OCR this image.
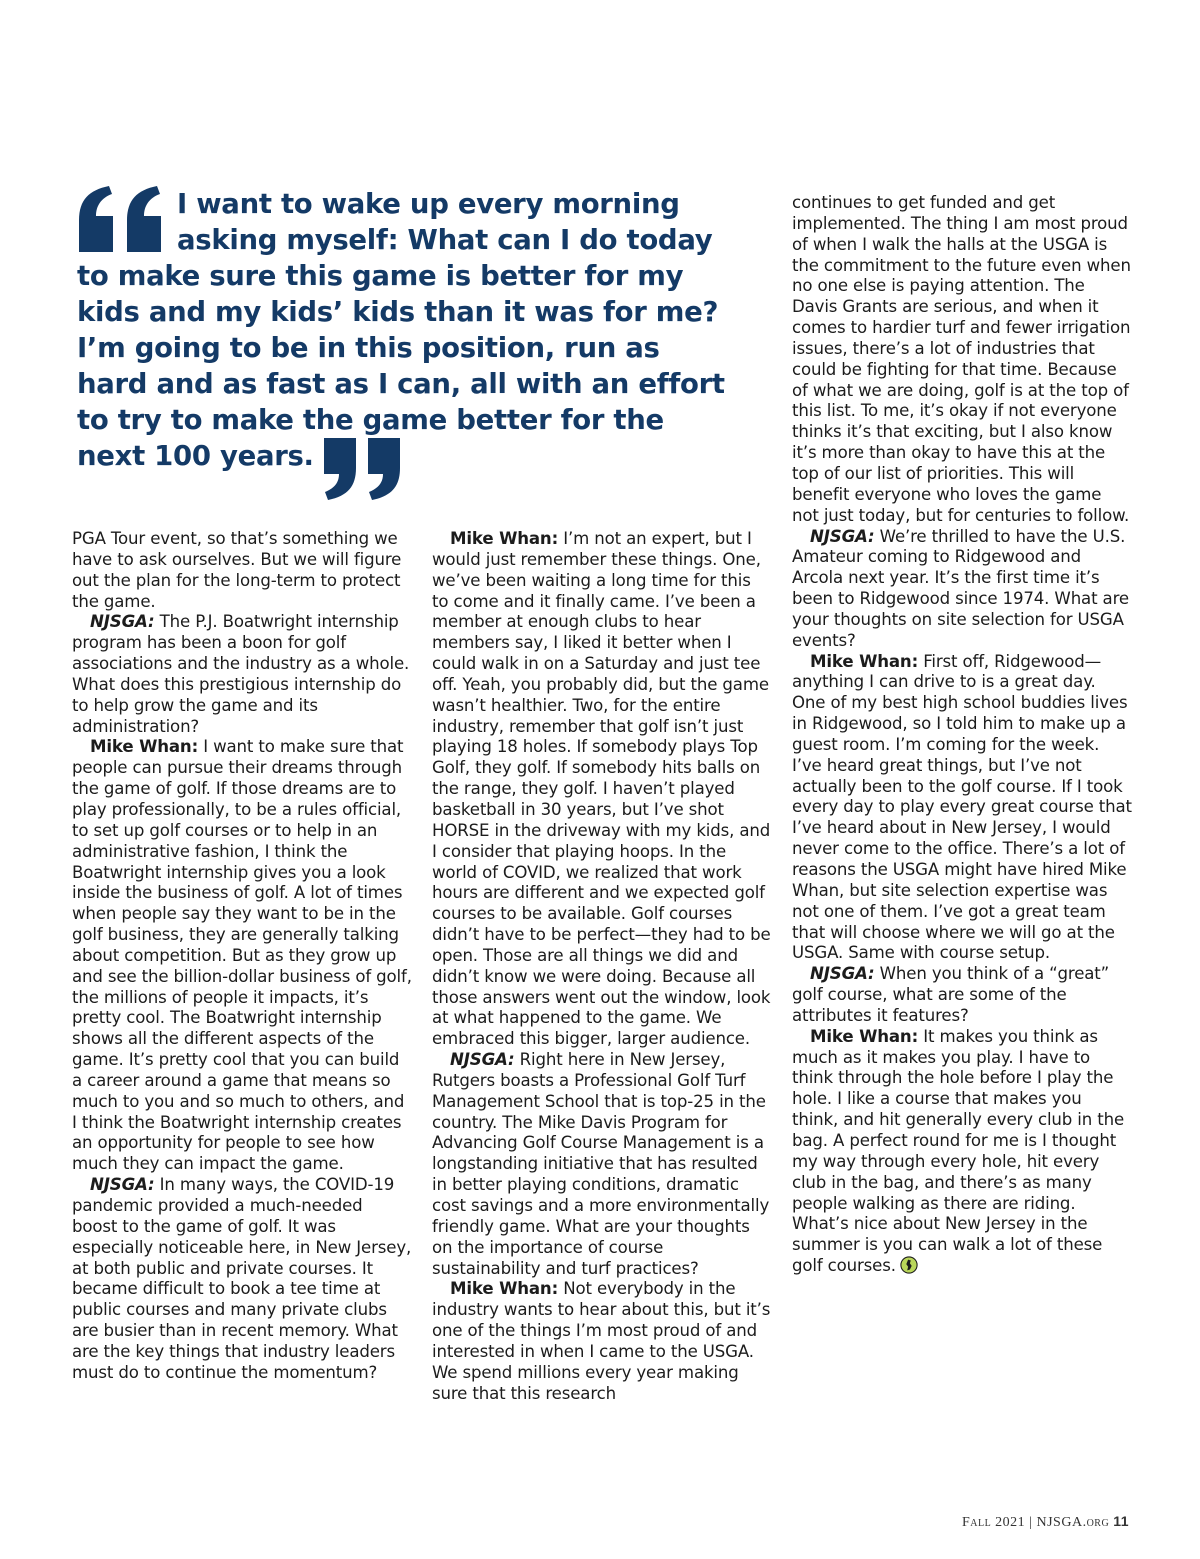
I want to wake up every morning asking myself: What can I do today to make sure this game is better for my kids and my kids’ kids than it was for me? I’m going to be in this position, run as hard and as fast as I can, all with an effort to try to make the game better for the next 100 years.

PGA Tour event, so that’s something we have to ask ourselves. But we will figure out the plan for the long-term to protect the game.

NJSGA: The P.J. Boatwright internship program has been a boon for golf associations and the industry as a whole. What does this prestigious internship do to help grow the game and its administration?

Mike Whan: I want to make sure that people can pursue their dreams through the game of golf. If those dreams are to play professionally, to be a rules official, to set up golf courses or to help in an administrative fashion, I think the Boatwright internship gives you a look inside the business of golf. A lot of times when people say they want to be in the golf business, they are generally talking about competition. But as they grow up and see the billion-dollar business of golf, the millions of people it impacts, it’s pretty cool. The Boatwright internship shows all the different aspects of the game. It’s pretty cool that you can build a career around a game that means so much to you and so much to others, and I think the Boatwright internship creates an opportunity for people to see how much they can impact the game.

NJSGA: In many ways, the COVID-19 pandemic provided a much-needed boost to the game of golf. It was especially noticeable here, in New Jersey, at both public and private courses. It became difficult to book a tee time at public courses and many private clubs are busier than in recent memory. What are the key things that industry leaders must do to continue the momentum?

Mike Whan: I’m not an expert, but I would just remember these things. One, we’ve been waiting a long time for this to come and it finally came. I’ve been a member at enough clubs to hear members say, I liked it better when I could walk in on a Saturday and just tee off. Yeah, you probably did, but the game wasn’t healthier. Two, for the entire industry, remember that golf isn’t just playing 18 holes. If somebody plays Top Golf, they golf. If somebody hits balls on the range, they golf. I haven’t played basketball in 30 years, but I’ve shot HORSE in the driveway with my kids, and I consider that playing hoops. In the world of COVID, we realized that work hours are different and we expected golf courses to be available. Golf courses didn’t have to be perfect—they had to be open. Those are all things we did and didn’t know we were doing. Because all those answers went out the window, look at what happened to the game. We embraced this bigger, larger audience.

NJSGA: Right here in New Jersey, Rutgers boasts a Professional Golf Turf Management School that is top-25 in the country. The Mike Davis Program for Advancing Golf Course Management is a longstanding initiative that has resulted in better playing conditions, dramatic cost savings and a more environmentally friendly game. What are your thoughts on the importance of course sustainability and turf practices?

Mike Whan: Not everybody in the industry wants to hear about this, but it’s one of the things I’m most proud of and interested in when I came to the USGA. We spend millions every year making sure that this research

continues to get funded and get implemented. The thing I am most proud of when I walk the halls at the USGA is the commitment to the future even when no one else is paying attention. The Davis Grants are serious, and when it comes to hardier turf and fewer irrigation issues, there’s a lot of industries that could be fighting for that time. Because of what we are doing, golf is at the top of this list. To me, it’s okay if not everyone thinks it’s that exciting, but I also know it’s more than okay to have this at the top of our list of priorities. This will benefit everyone who loves the game not just today, but for centuries to follow.

NJSGA: We’re thrilled to have the U.S. Amateur coming to Ridgewood and Arcola next year. It’s the first time it’s been to Ridgewood since 1974. What are your thoughts on site selection for USGA events?

Mike Whan: First off, Ridgewood—anything I can drive to is a great day. One of my best high school buddies lives in Ridgewood, so I told him to make up a guest room. I’m coming for the week. I’ve heard great things, but I’ve not actually been to the golf course. If I took every day to play every great course that I’ve heard about in New Jersey, I would never come to the office. There’s a lot of reasons the USGA might have hired Mike Whan, but site selection expertise was not one of them. I’ve got a great team that will choose where we will go at the USGA. Same with course setup.

NJSGA: When you think of a “great” golf course, what are some of the attributes it features?

Mike Whan: It makes you think as much as it makes you play. I have to think through the hole before I play the hole. I like a course that makes you think, and hit generally every club in the bag. A perfect round for me is I thought my way through every hole, hit every club in the bag, and there’s as many people walking as there are riding. What’s nice about New Jersey in the summer is you can walk a lot of these golf courses.

Fall 2021 | NJSGA.org 11
